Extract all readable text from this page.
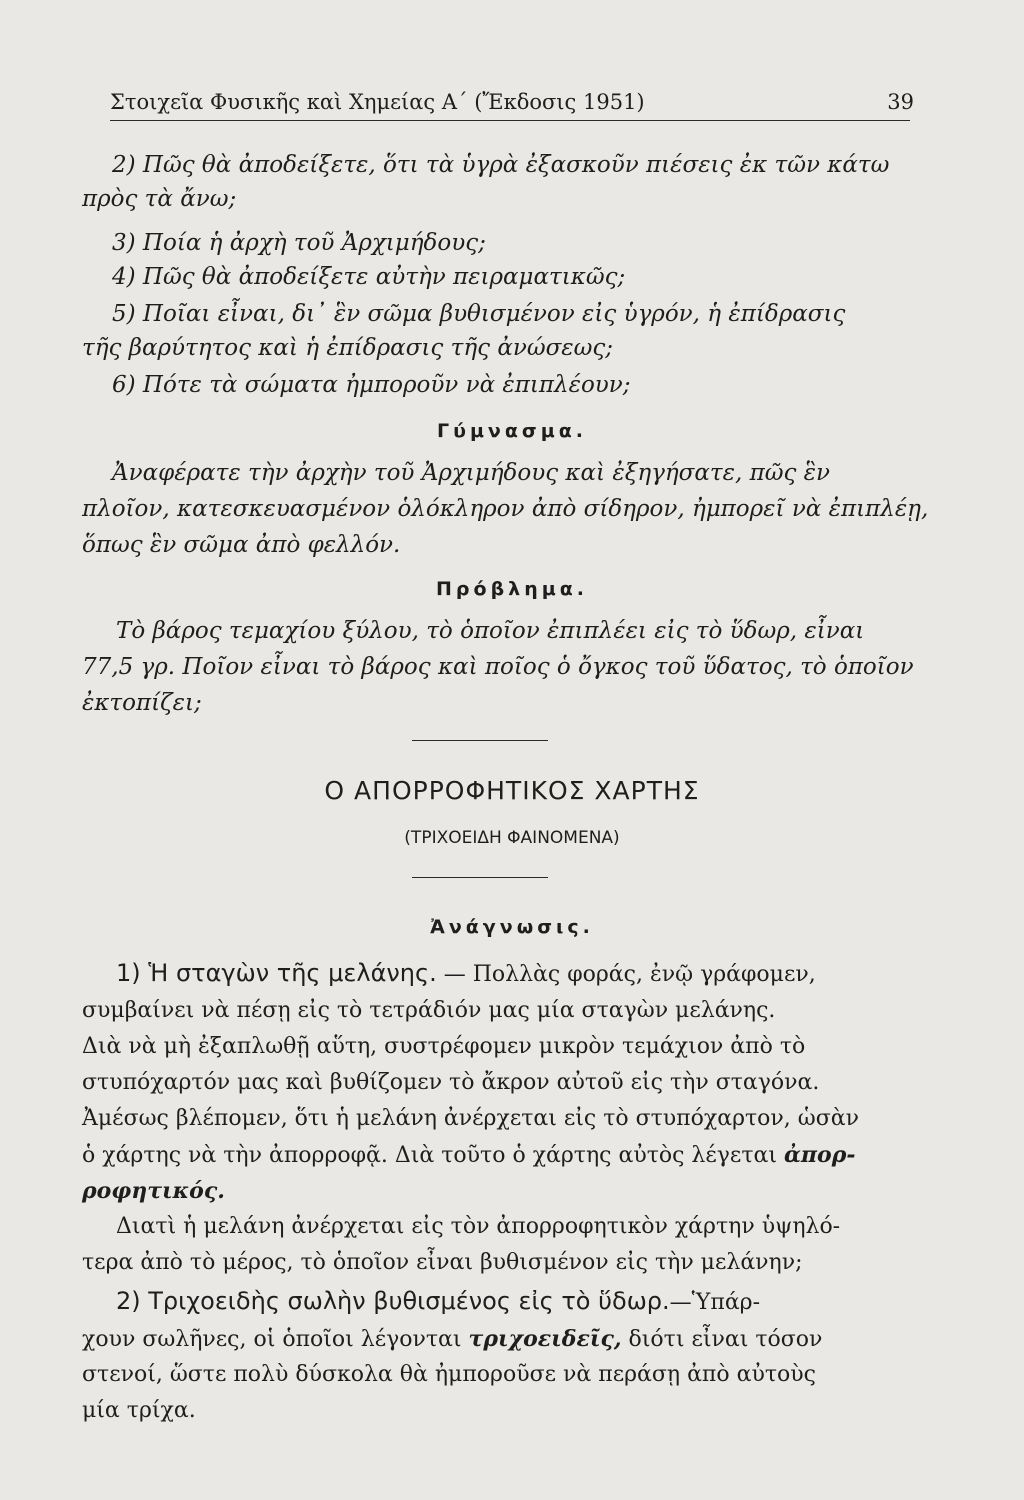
Στοιχεῖα Φυσικῆς καὶ Χημείας Α΄ (Ἔκδοσις 1951)	39
2) Πῶς θὰ ἀποδείξετε, ὅτι τὰ ὑγρὰ ἐξασκοῦν πιέσεις ἐκ τῶν κάτω
πρὸς τὰ ἄνω;
3) Ποία ἡ ἀρχὴ τοῦ Ἀρχιμήδους;
4) Πῶς θὰ ἀποδείξετε αὐτὴν πειραματικῶς;
5) Ποῖαι εἶναι, δι᾽ ἓν σῶμα βυθισμένον εἰς ὑγρόν, ἡ ἐπίδρασις
τῆς βαρύτητος καὶ ἡ ἐπίδρασις τῆς ἀνώσεως;
6) Πότε τὰ σώματα ἠμποροῦν νὰ ἐπιπλέουν;
Γύμνασμα.
Ἀναφέρατε τὴν ἀρχὴν τοῦ Ἀρχιμήδους καὶ ἐξηγήσατε, πῶς ἓν
πλοῖον, κατεσκευασμένον ὁλόκληρον ἀπὸ σίδηρον, ἠμπορεῖ νὰ ἐπιπλέῃ,
ὅπως ἓν σῶμα ἀπὸ φελλόν.
Πρόβλημα.
Τὸ βάρος τεμαχίου ξύλου, τὸ ὁποῖον ἐπιπλέει εἰς τὸ ὕδωρ, εἶναι
77,5 γρ. Ποῖον εἶναι τὸ βάρος καὶ ποῖος ὁ ὄγκος τοῦ ὕδατος, τὸ ὁποῖον
ἐκτοπίζει;
Ο ΑΠΟΡΡΟΦΗΤΙΚΟΣ ΧΑΡΤΗΣ
(ΤΡΙΧΟΕΙΔΗ ΦΑΙΝΟΜΕΝΑ)
Ἀνάγνωσις.
1) Ἡ σταγὼν τῆς μελάνης. — Πολλὰς φοράς, ἐνῷ γράφομεν,
συμβαίνει νὰ πέσῃ εἰς τὸ τετράδιόν μας μία σταγὼν μελάνης.
Διὰ νὰ μὴ ἐξαπλωθῇ αὕτη, συστρέφομεν μικρὸν τεμάχιον ἀπὸ τὸ
στυπόχαρτόν μας καὶ βυθίζομεν τὸ ἄκρον αὐτοῦ εἰς τὴν σταγόνα.
Ἀμέσως βλέπομεν, ὅτι ἡ μελάνη ἀνέρχεται εἰς τὸ στυπόχαρτον, ὡσὰν
ὁ χάρτης νὰ τὴν ἀπορροφᾷ. Διὰ τοῦτο ὁ χάρτης αὐτὸς λέγεται ἀπορ-
ροφητικός.
Διατὶ ἡ μελάνη ἀνέρχεται εἰς τὸν ἀπορροφητικὸν χάρτην ὑψηλό-
τερα ἀπὸ τὸ μέρος, τὸ ὁποῖον εἶναι βυθισμένον εἰς τὴν μελάνην;
2) Τριχοειδὴς σωλὴν βυθισμένος εἰς τὸ ὕδωρ.—Ὑπάρ-
χουν σωλῆνες, οἱ ὁποῖοι λέγονται τριχοειδεῖς, διότι εἶναι τόσον
στενοί, ὥστε πολὺ δύσκολα θὰ ἠμποροῦσε νὰ περάσῃ ἀπὸ αὐτοὺς
μία τρίχα.
